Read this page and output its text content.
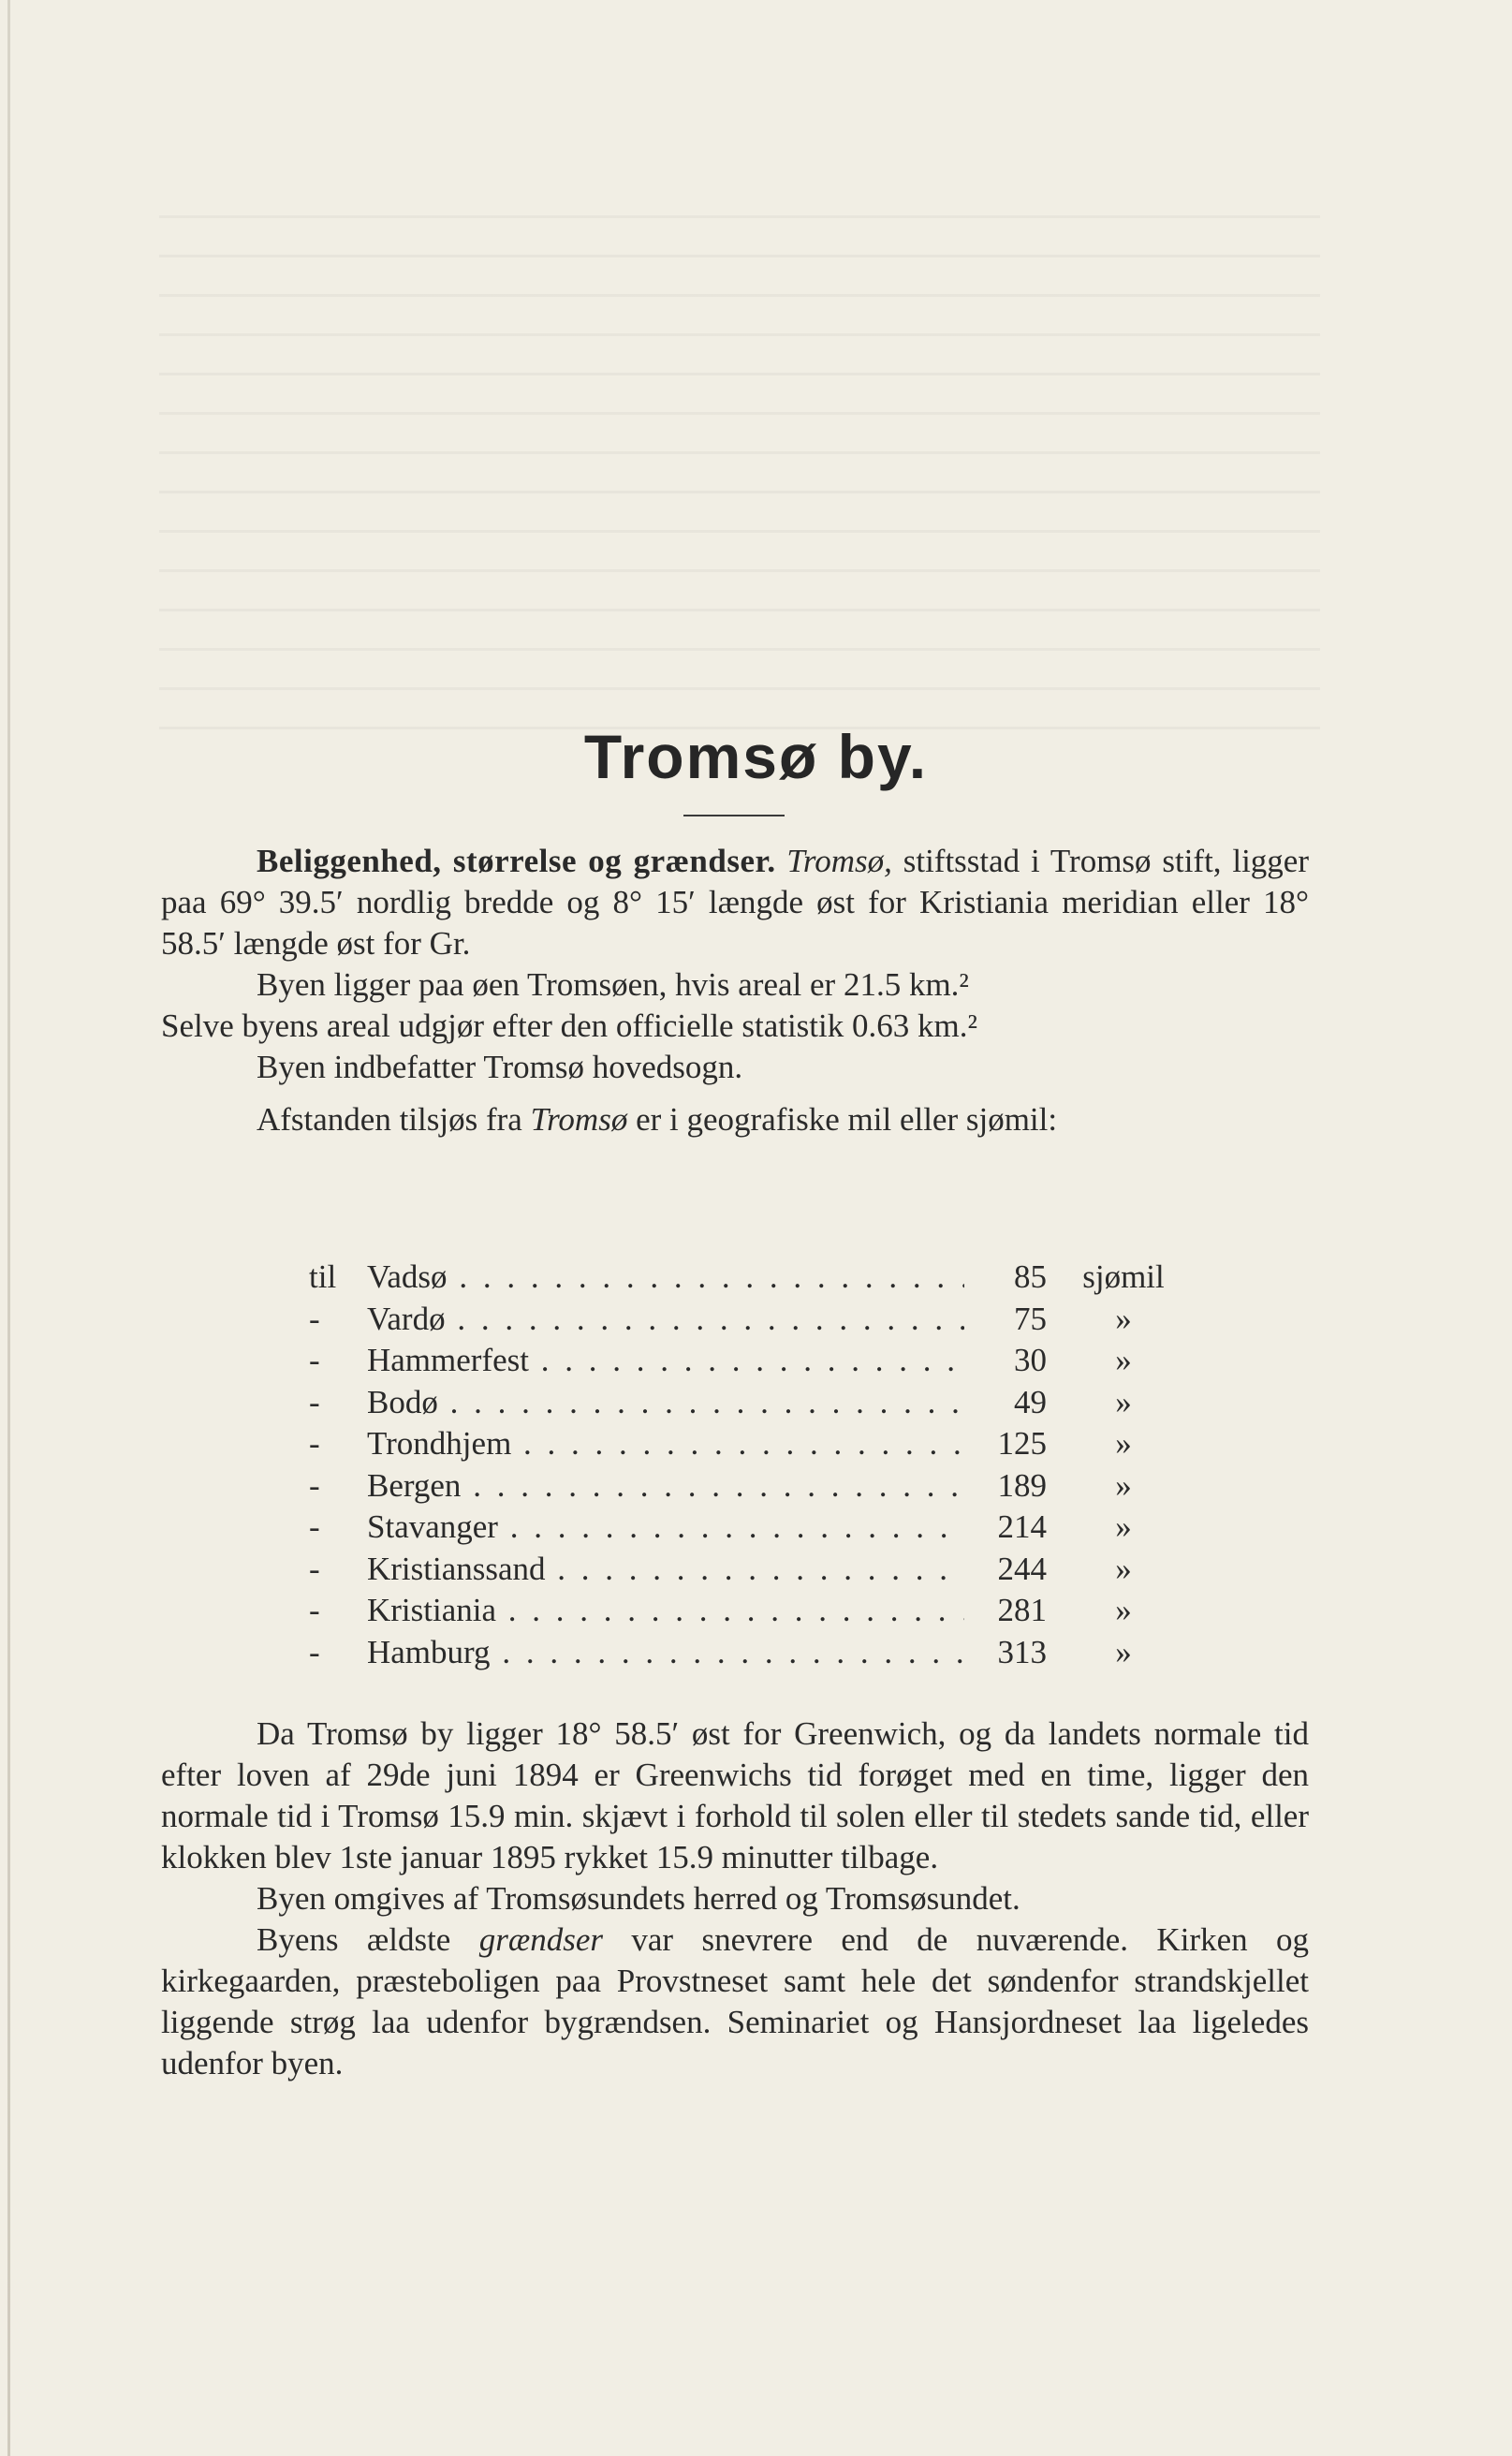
Tromsø by.

Beliggenhed, størrelse og grændser. Tromsø, stiftsstad i Tromsø stift, ligger paa 69° 39.5′ nordlig bredde og 8° 15′ længde øst for Kristiania meridian eller 18° 58.5′ længde øst for Gr.

Byen ligger paa øen Tromsøen, hvis areal er 21.5 km.²

Selve byens areal udgjør efter den officielle statistik 0.63 km.²

Byen indbefatter Tromsø hovedsogn.

Afstanden tilsjøs fra Tromsø er i geografiske mil eller sjømil:

til Vadsø . . .	85	sjømil
-	Vardø . . .	75	»
-	Hammerfest . . .	30	»
-	Bodø . . .	49	»
-	Trondhjem . . .	125	»
-	Bergen . . .	189	»
-	Stavanger . . .	214	»
-	Kristianssand . . .	244	»
-	Kristiania . . .	281	»
-	Hamburg . . .	313	»

Da Tromsø by ligger 18° 58.5′ øst for Greenwich, og da landets normale tid efter loven af 29de juni 1894 er Greenwichs tid forøget med en time, ligger den normale tid i Tromsø 15.9 min. skjævt i forhold til solen eller til stedets sande tid, eller klokken blev 1ste januar 1895 rykket 15.9 minutter tilbage.

Byen omgives af Tromsøsundets herred og Tromsøsundet.

Byens ældste grændser var snevrere end de nuværende. Kirken og kirkegaarden, præsteboligen paa Provstneset samt hele det søndenfor strandskjellet liggende strøg laa udenfor bygrændsen. Seminariet og Hansjordneset laa ligeledes udenfor byen.
